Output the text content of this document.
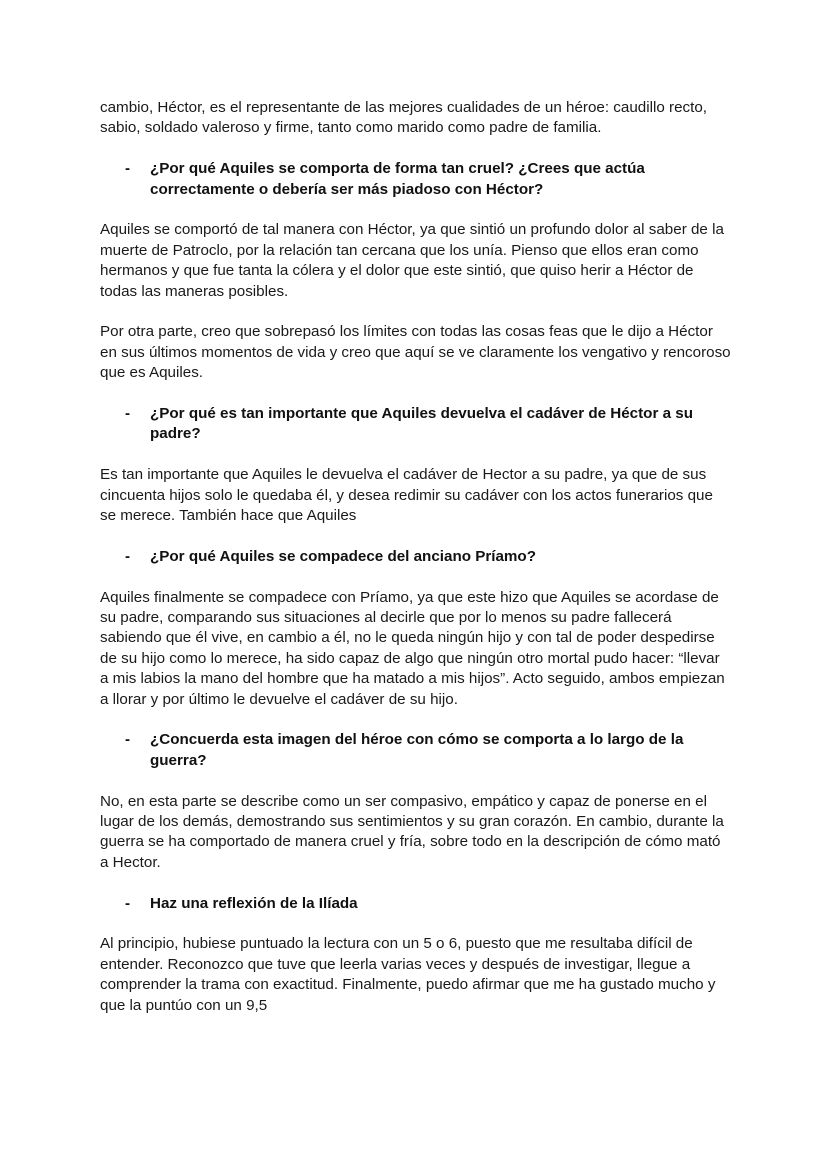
cambio, Héctor, es el representante de las mejores cualidades de un héroe: caudillo recto, sabio, soldado valeroso y firme, tanto como marido como padre de familia.

- ¿Por qué Aquiles se comporta de forma tan cruel? ¿Crees que actúa correctamente o debería ser más piadoso con Héctor?

Aquiles se comportó de tal manera con Héctor, ya que sintió un profundo dolor al saber de la muerte de Patroclo, por la relación tan cercana que los unía. Pienso que ellos eran como hermanos y que fue tanta la cólera y el dolor que este sintió, que quiso herir a Héctor de todas las maneras posibles.

Por otra parte, creo que sobrepasó los límites con todas las cosas feas que le dijo a Héctor en sus últimos momentos de vida y creo que aquí se ve claramente los vengativo y rencoroso que es Aquiles.

- ¿Por qué es tan importante que Aquiles devuelva el cadáver de Héctor a su padre?

Es tan importante que Aquiles le devuelva el cadáver de Hector a su padre, ya que de sus cincuenta hijos solo le quedaba él, y desea redimir su cadáver con los actos funerarios que se merece. También hace que Aquiles

- ¿Por qué Aquiles se compadece del anciano Príamo?

Aquiles finalmente se compadece con Príamo, ya que este hizo que Aquiles se acordase de su padre, comparando sus situaciones al decirle que por lo menos su padre fallecerá sabiendo que él vive, en cambio a él, no le queda ningún hijo y con tal de poder despedirse de su hijo como lo merece, ha sido capaz de algo que ningún otro mortal pudo hacer: “llevar a mis labios la mano del hombre que ha matado a mis hijos”. Acto seguido, ambos empiezan a llorar y por último le devuelve el cadáver de su hijo.

- ¿Concuerda esta imagen del héroe con cómo se comporta a lo largo de la guerra?

No, en esta parte se describe como un ser compasivo, empático y capaz de ponerse en el lugar de los demás, demostrando sus sentimientos y su gran corazón. En cambio, durante la guerra se ha comportado de manera cruel y fría, sobre todo en la descripción de cómo mató a Hector.

- Haz una reflexión de la Ilíada

Al principio, hubiese puntuado la lectura con un 5 o 6, puesto que me resultaba difícil de entender. Reconozco que tuve que leerla varias veces y después de investigar, llegue a comprender la trama con exactitud. Finalmente, puedo afirmar que me ha gustado mucho y que la puntúo con un 9,5
